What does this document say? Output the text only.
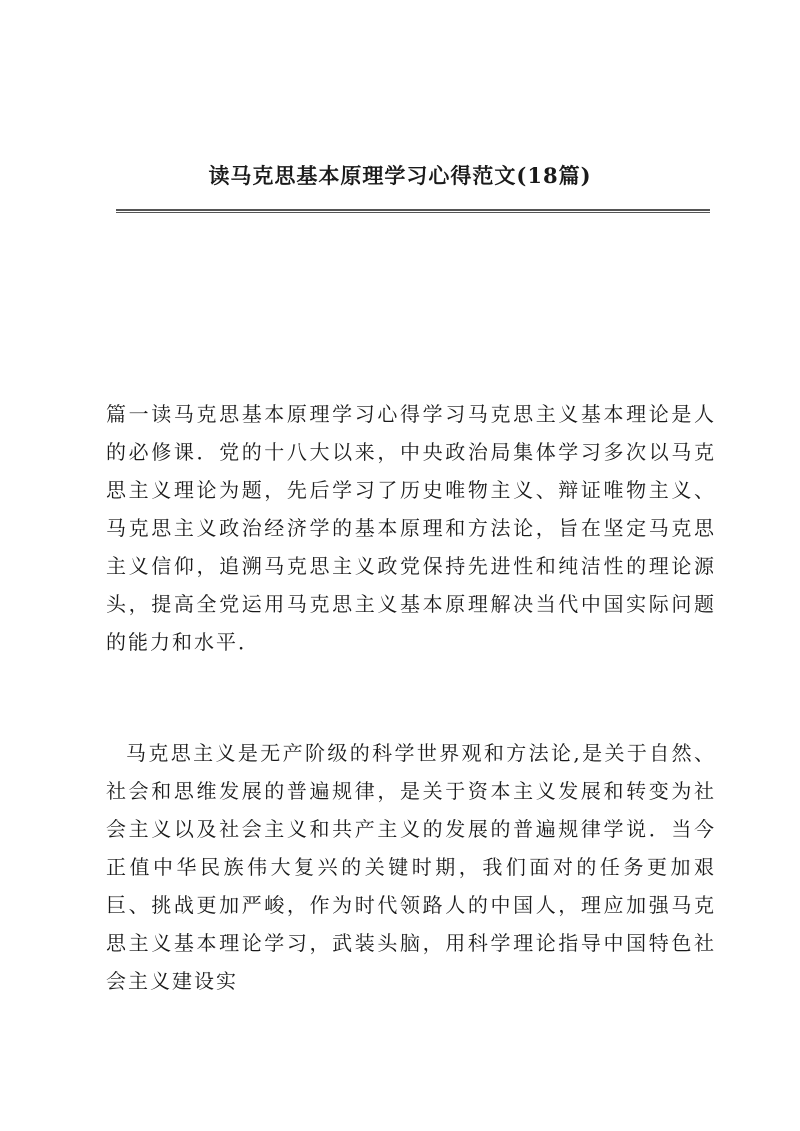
读马克思基本原理学习心得范文(18篇)

篇一读马克思基本原理学习心得学习马克思主义基本理论是人的必修课．党的十八大以来，中央政治局集体学习多次以马克思主义理论为题，先后学习了历史唯物主义、辩证唯物主义、马克思主义政治经济学的基本原理和方法论，旨在坚定马克思主义信仰，追溯马克思主义政党保持先进性和纯洁性的理论源头，提高全党运用马克思主义基本原理解决当代中国实际问题的能力和水平．

马克思主义是无产阶级的科学世界观和方法论,是关于自然、社会和思维发展的普遍规律，是关于资本主义发展和转变为社会主义以及社会主义和共产主义的发展的普遍规律学说．当今正值中华民族伟大复兴的关键时期，我们面对的任务更加艰巨、挑战更加严峻，作为时代领路人的中国人，理应加强马克思主义基本理论学习，武装头脑，用科学理论指导中国特色社会主义建设实
